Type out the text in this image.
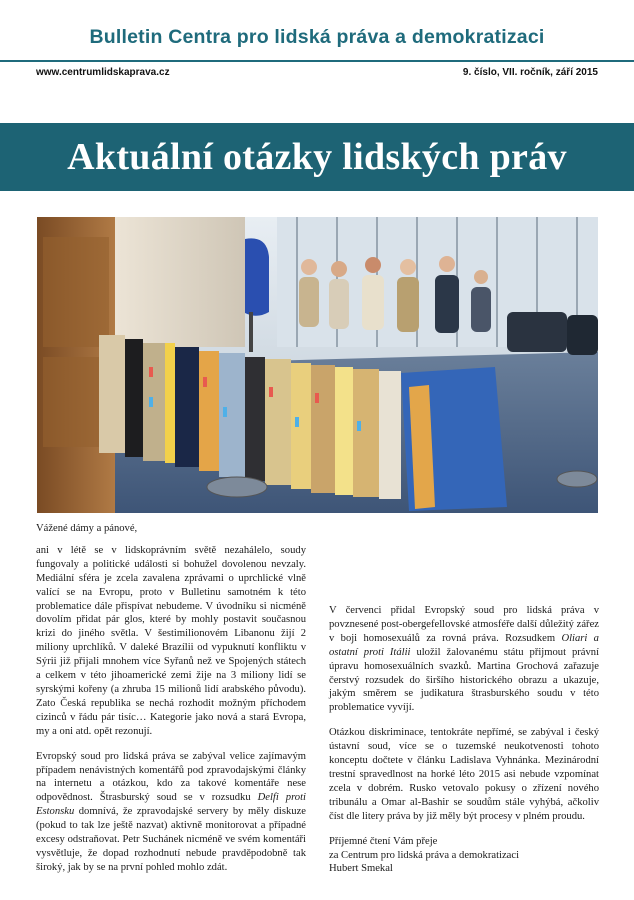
Bulletin Centra pro lidská práva a demokratizaci
www.centrumlidskaprava.cz	9. číslo, VII. ročník, září 2015
Aktuální otázky lidských práv

Vážené dámy a pánové,

ani v létě se v lidskoprávním světě nezahálelo, soudy fungovaly a politické události si bohužel dovolenou nevzaly. Mediální sféra je zcela zavalena zprávami o uprchlické vlně valící se na Evropu, proto v Bulletinu samotném k této problematice dále přispívat nebudeme. V úvodníku si nicméně dovolím přidat pár glos, které by mohly postavit současnou krizi do jiného světla. V šestimilionovém Libanonu žijí 2 miliony uprchlíků. V daleké Brazílii od vypuknutí konfliktu v Sýrii již přijali mnohem více Syřanů než ve Spojených státech a celkem v této jihoamerické zemi žije na 3 miliony lidí se syrskými kořeny (a zhruba 15 milionů lidí arabského původu). Zato Česká republika se nechá rozhodit možným příchodem cizinců v řádu pár tisíc… Kategorie jako nová a stará Evropa, my a oni atd. opět rezonují.

Evropský soud pro lidská práva se zabýval velice zajímavým případem nenávistných komentářů pod zpravodajskými články na internetu a otázkou, kdo za takové komentáře nese odpovědnost. Štrasburský soud se v rozsudku Delfi proti Estonsku domnívá, že zpravodajské servery by měly diskuze (pokud to tak lze ještě nazvat) aktivně monitorovat a případné excesy odstraňovat. Petr Suchánek nicméně ve svém komentáři vysvětluje, že dopad rozhodnutí nebude pravděpodobně tak široký, jak by se na první pohled mohlo zdát.

V červenci přidal Evropský soud pro lidská práva v povznesené post-obergefellovské atmosféře další důležitý zářez v boji homosexuálů za rovná práva. Rozsudkem Oliari a ostatní proti Itálii uložil žalovanému státu přijmout právní úpravu homosexuálních svazků. Martina Grochová zařazuje čerstvý rozsudek do širšího historického obrazu a ukazuje, jakým směrem se judikatura štrasburského soudu v této problematice vyvíjí.

Otázkou diskriminace, tentokráte nepřímé, se zabýval i český ústavní soud, více se o tuzemské neukotvenosti tohoto konceptu dočtete v článku Ladislava Vyhnánka. Mezinárodní trestní spravedlnost na horké léto 2015 asi nebude vzpomínat zcela v dobrém. Rusko vetovalo pokusy o zřízení nového tribunálu a Omar al-Bashir se soudům stále vyhýbá, ačkoliv číst dle litery práva by již měly být procesy v plném proudu.

Příjemné čtení Vám přeje
za Centrum pro lidská práva a demokratizaci
Hubert Smekal
